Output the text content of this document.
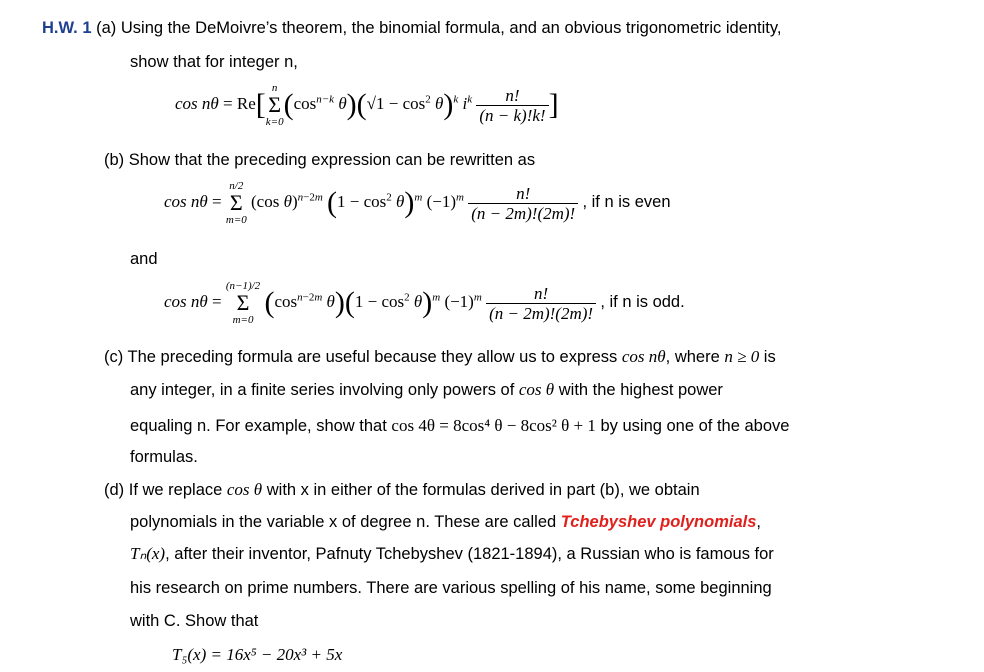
H.W. 1 (a) Using the DeMoivre’s theorem, the binomial formula, and an obvious trigonometric identity,
show that for integer n,
cos nθ = Re[ n
Σ
$k=0(\cos^{n-k}$ $\theta)(√1 - \cos^2 \theta)^k$ $i^k \frac{n!}{(n - k)!k!}$ ]
(b) Show that the preceding expression can be rewritten as
cos nθ = n/2
Σ
m=0 (cos θ)$^{n-2m}$ $(1 - \cos^2 \theta)^m$ $(-1)^m \frac{n!}{(n - 2m)!(2m)!}$ , if n is even
and
cos nθ = (n−1)/2
Σ
m=0 ($\cos^{n-2m}$ $\theta)(1 - \cos^2 \theta)^m$ $(-1)^m \frac{n!}{(n - 2m)!(2m)!}$ , if n is odd.
(c) The preceding formula are useful because they allow us to express cos nθ, where n ≥ 0 is
any integer, in a finite series involving only powers of cos θ with the highest power
equaling n. For example, show that cos 4θ = 8cos⁴ θ − 8cos² θ + 1 by using one of the above
formulas.
(d) If we replace cos θ with x in either of the formulas derived in part (b), we obtain
polynomials in the variable x of degree n. These are called Tchebyshev polynomials,
Tₙ(x), after their inventor, Pafnuty Tchebyshev (1821-1894), a Russian who is famous for
his research on prime numbers. There are various spelling of his name, some beginning
with C. Show that
T₅(x) = 16x⁵ − 20x³ + 5x
